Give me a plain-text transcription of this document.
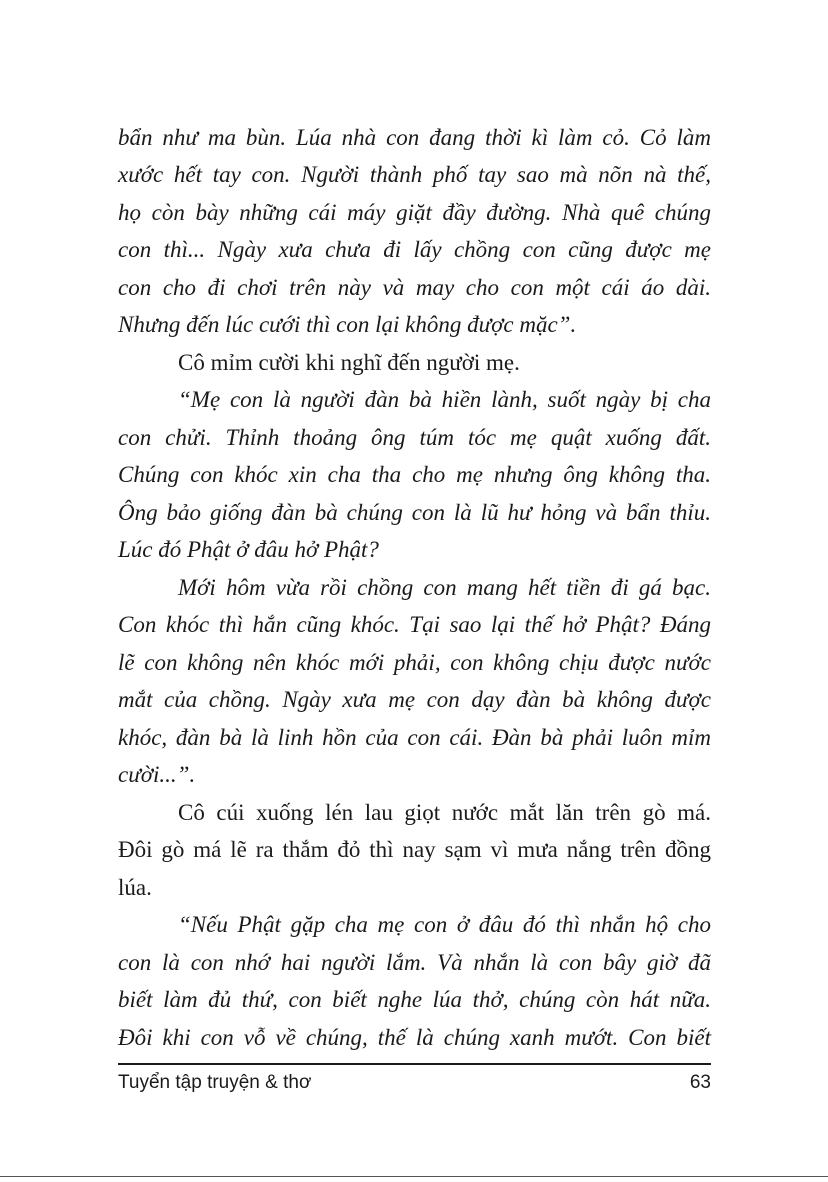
bẩn như ma bùn. Lúa nhà con đang thời kì làm cỏ. Cỏ làm
xước hết tay con. Người thành phố tay sao mà nõn nà thế,
họ còn bày những cái máy giặt đầy đường. Nhà quê chúng
con thì... Ngày xưa chưa đi lấy chồng con cũng được mẹ
con cho đi chơi trên này và may cho con một cái áo dài.
Nhưng đến lúc cưới thì con lại không được mặc”.
Cô mỉm cười khi nghĩ đến người mẹ.
“Mẹ con là người đàn bà hiền lành, suốt ngày bị cha
con chửi. Thỉnh thoảng ông túm tóc mẹ quật xuống đất.
Chúng con khóc xin cha tha cho mẹ nhưng ông không tha.
Ông bảo giống đàn bà chúng con là lũ hư hỏng và bẩn thỉu.
Lúc đó Phật ở đâu hở Phật?
Mới hôm vừa rồi chồng con mang hết tiền đi gá bạc.
Con khóc thì hắn cũng khóc. Tại sao lại thế hở Phật? Đáng
lẽ con không nên khóc mới phải, con không chịu được nước
mắt của chồng. Ngày xưa mẹ con dạy đàn bà không được
khóc, đàn bà là linh hồn của con cái. Đàn bà phải luôn mỉm
cười...”.
Cô cúi xuống lén lau giọt nước mắt lăn trên gò má.
Đôi gò má lẽ ra thắm đỏ thì nay sạm vì mưa nắng trên đồng
lúa.
“Nếu Phật gặp cha mẹ con ở đâu đó thì nhắn hộ cho
con là con nhớ hai người lắm. Và nhắn là con bây giờ đã
biết làm đủ thứ, con biết nghe lúa thở, chúng còn hát nữa.
Đôi khi con vỗ về chúng, thế là chúng xanh mướt. Con biết
Tuyển tập truyện & thơ	63
